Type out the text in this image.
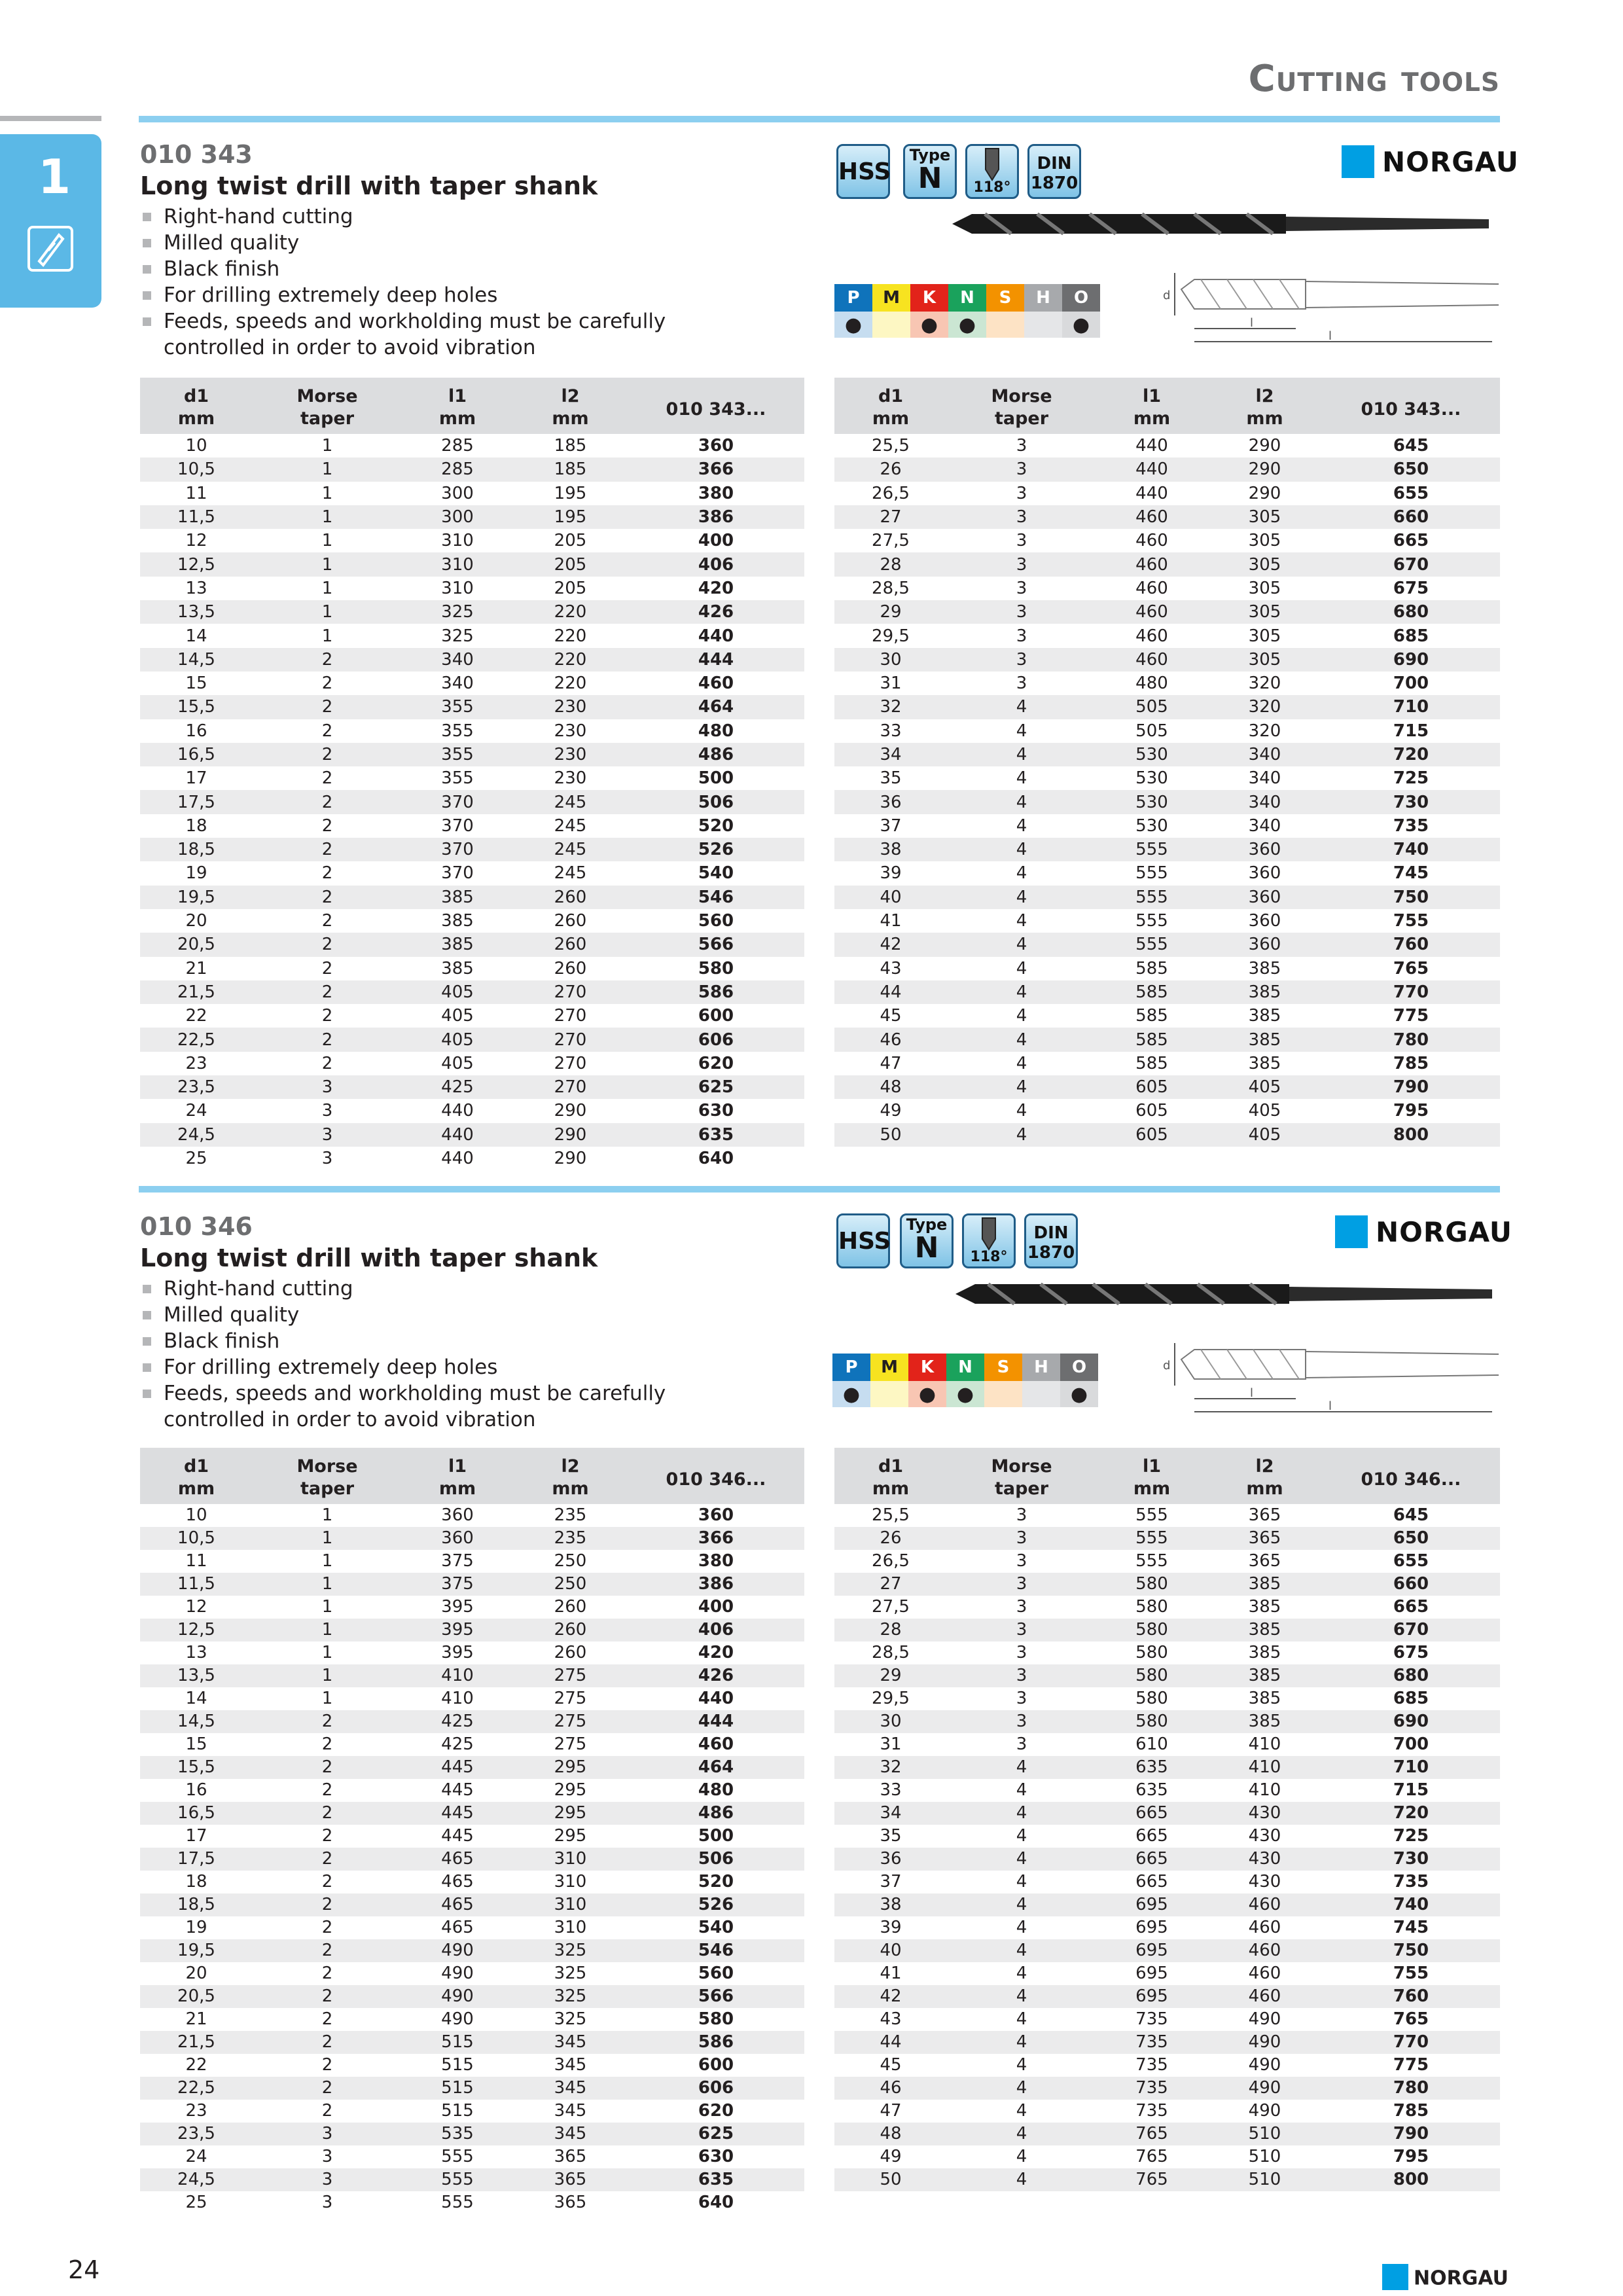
Cutting tools
1	010 343
Long twist drill with taper shank
Right-hand cutting
Milled quality
Black finish
For drilling extremely deep holes
Feeds, speeds and workholding must be carefully controlled in order to avoid vibration
HSS
Type
N	118°
DIN
1870
NORGAU
P	M	K	N	S	H	O
●		●	●			●
d
l
l
d1	Morse	l1	l2	010 343...
mm	taper	mm	mm	
10	1	285	185	360
10,5	1	285	185	366
11	1	300	195	380
11,5	1	300	195	386
12	1	310	205	400
12,5	1	310	205	406
13	1	310	205	420
13,5	1	325	220	426
14	1	325	220	440
14,5	2	340	220	444
15	2	340	220	460
15,5	2	355	230	464
16	2	355	230	480
16,5	2	355	230	486
17	2	355	230	500
17,5	2	370	245	506
18	2	370	245	520
18,5	2	370	245	526
19	2	370	245	540
19,5	2	385	260	546
20	2	385	260	560
20,5	2	385	260	566
21	2	385	260	580
21,5	2	405	270	586
22	2	405	270	600
22,5	2	405	270	606
23	2	405	270	620
23,5	3	425	270	625
24	3	440	290	630
24,5	3	440	290	635
25	3	440	290	640
d1	Morse	l1	l2	010 343...
mm	taper	mm	mm	
25,5	3	440	290	645
26	3	440	290	650
26,5	3	440	290	655
27	3	460	305	660
27,5	3	460	305	665
28	3	460	305	670
28,5	3	460	305	675
29	3	460	305	680
29,5	3	460	305	685
30	3	460	305	690
31	3	480	320	700
32	4	505	320	710
33	4	505	320	715
34	4	530	340	720
35	4	530	340	725
36	4	530	340	730
37	4	530	340	735
38	4	555	360	740
39	4	555	360	745
40	4	555	360	750
41	4	555	360	755
42	4	555	360	760
43	4	585	385	765
44	4	585	385	770
45	4	585	385	775
46	4	585	385	780
47	4	585	385	785
48	4	605	405	790
49	4	605	405	795
50	4	605	405	800
010 346
Long twist drill with taper shank
Right-hand cutting
Milled quality
Black finish
For drilling extremely deep holes
Feeds, speeds and workholding must be carefully controlled in order to avoid vibration
HSS
Type
N	118°
DIN
1870
NORGAU
P	M	K	N	S	H	O
●		●	●			●
d
l
l
d1	Morse	l1	l2	010 346...
mm	taper	mm	mm	
10	1	360	235	360
10,5	1	360	235	366
11	1	375	250	380
11,5	1	375	250	386
12	1	395	260	400
12,5	1	395	260	406
13	1	395	260	420
13,5	1	410	275	426
14	1	410	275	440
14,5	2	425	275	444
15	2	425	275	460
15,5	2	445	295	464
16	2	445	295	480
16,5	2	445	295	486
17	2	445	295	500
17,5	2	465	310	506
18	2	465	310	520
18,5	2	465	310	526
19	2	465	310	540
19,5	2	490	325	546
20	2	490	325	560
20,5	2	490	325	566
21	2	490	325	580
21,5	2	515	345	586
22	2	515	345	600
22,5	2	515	345	606
23	2	515	345	620
23,5	3	535	345	625
24	3	555	365	630
24,5	3	555	365	635
25	3	555	365	640
d1	Morse	l1	l2	010 346...
mm	taper	mm	mm	
25,5	3	555	365	645
26	3	555	365	650
26,5	3	555	365	655
27	3	580	385	660
27,5	3	580	385	665
28	3	580	385	670
28,5	3	580	385	675
29	3	580	385	680
29,5	3	580	385	685
30	3	580	385	690
31	3	610	410	700
32	4	635	410	710
33	4	635	410	715
34	4	665	430	720
35	4	665	430	725
36	4	665	430	730
37	4	665	430	735
38	4	695	460	740
39	4	695	460	745
40	4	695	460	750
41	4	695	460	755
42	4	695	460	760
43	4	735	490	765
44	4	735	490	770
45	4	735	490	775
46	4	735	490	780
47	4	735	490	785
48	4	765	510	790
49	4	765	510	795
50	4	765	510	800
24	NORGAU
